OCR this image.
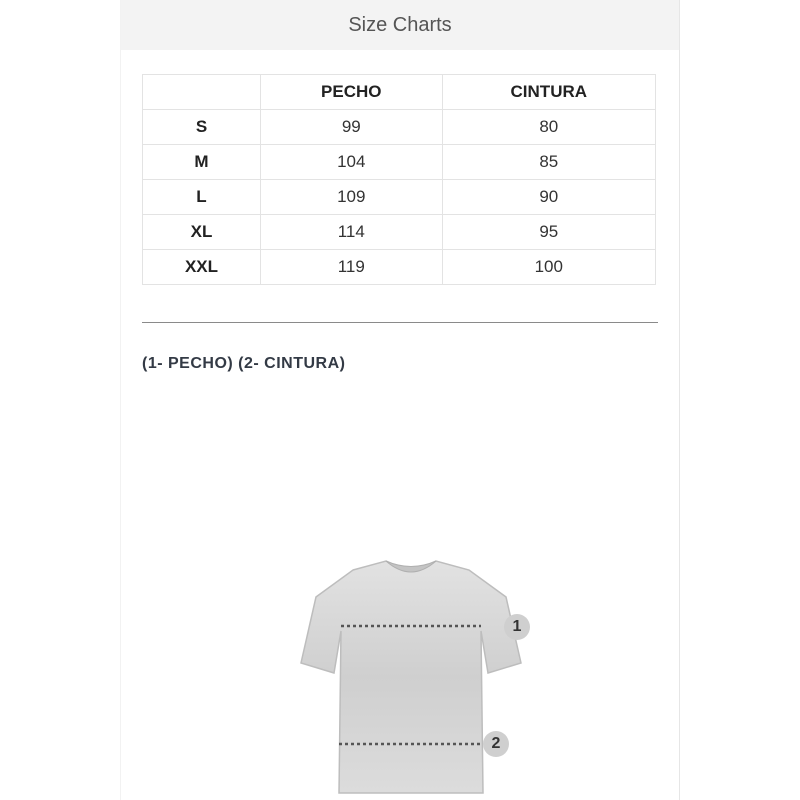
Size Charts
	PECHO	CINTURA
S	99	80
M	104	85
L	109	90
XL	114	95
XXL	119	100
(1- PECHO) (2- CINTURA)
1
2
